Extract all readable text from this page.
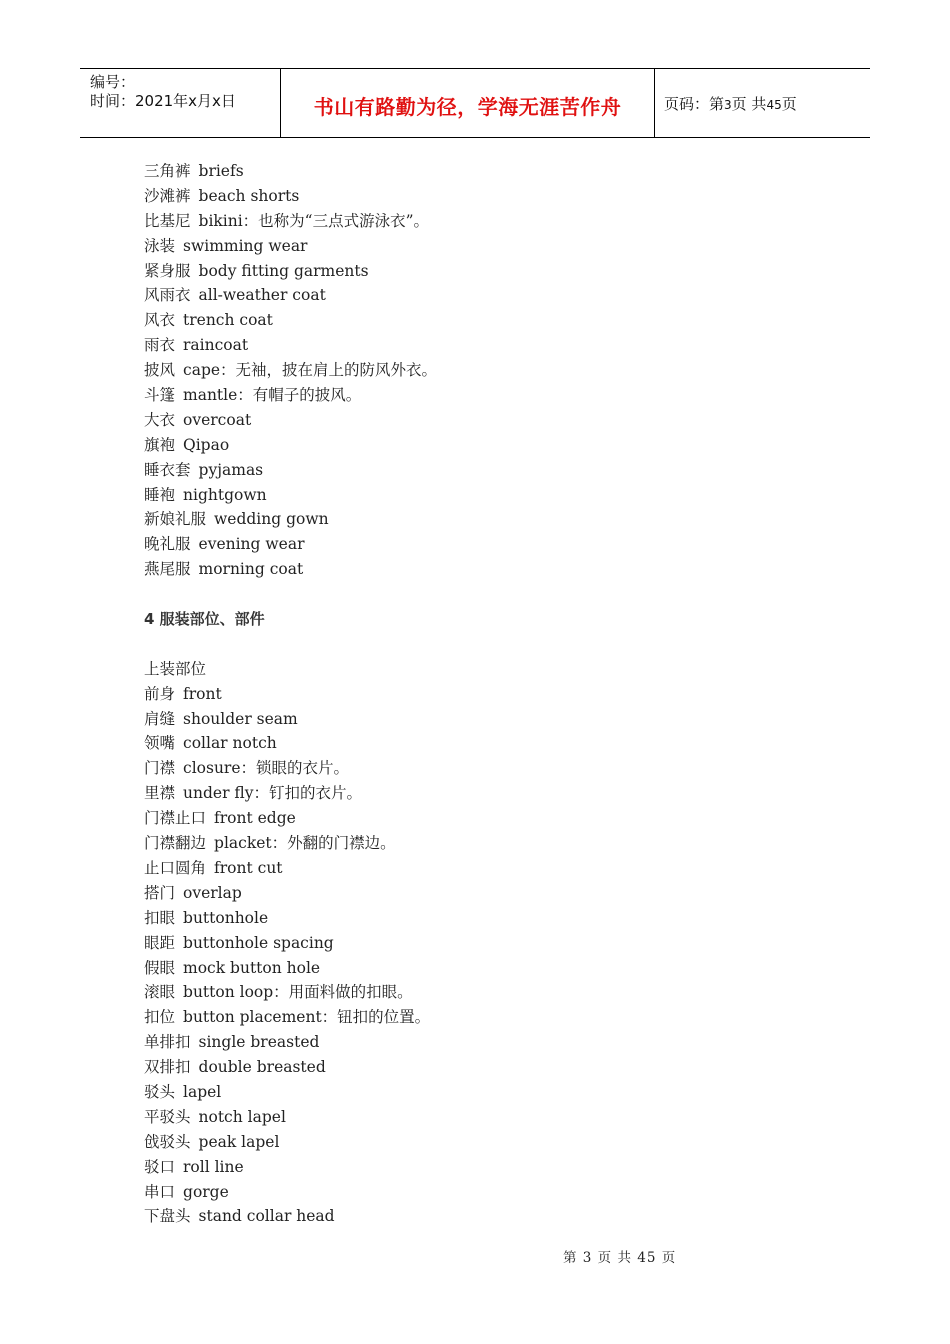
编号：
时间：2021年x月x日	书山有路勤为径，学海无涯苦作舟	页码：第3页 共45页
三角裤 briefs
沙滩裤 beach shorts
比基尼 bikini：也称为“三点式游泳衣”。
泳装 swimming wear
紧身服 body fitting garments
风雨衣 all-weather coat
风衣 trench coat
雨衣 raincoat
披风 cape：无袖，披在肩上的防风外衣。
斗篷 mantle：有帽子的披风。
大衣 overcoat
旗袍 Qipao
睡衣套 pyjamas
睡袍 nightgown
新娘礼服 wedding gown
晚礼服 evening wear
燕尾服 morning coat
4 服装部位、部件
上装部位
前身 front
肩缝 shoulder seam
领嘴 collar notch
门襟 closure：锁眼的衣片。
里襟 under fly：钉扣的衣片。
门襟止口 front edge
门襟翻边 placket：外翻的门襟边。
止口圆角 front cut
搭门 overlap
扣眼 buttonhole
眼距 buttonhole spacing
假眼 mock button hole
滚眼 button loop：用面料做的扣眼。
扣位 button placement：钮扣的位置。
单排扣 single breasted
双排扣 double breasted
驳头 lapel
平驳头 notch lapel
戗驳头 peak lapel
驳口 roll line
串口 gorge
下盘头 stand collar head
第 3 页 共 45 页
